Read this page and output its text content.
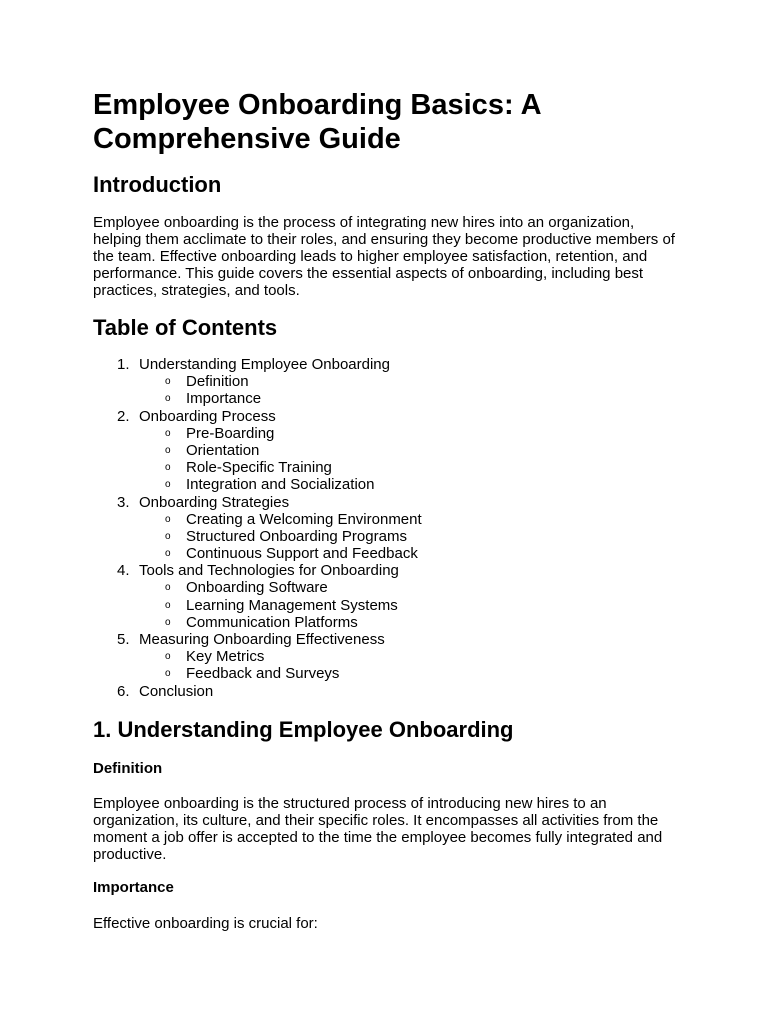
Employee Onboarding Basics: A Comprehensive Guide
Introduction

Employee onboarding is the process of integrating new hires into an organization, helping them acclimate to their roles, and ensuring they become productive members of the team. Effective onboarding leads to higher employee satisfaction, retention, and performance. This guide covers the essential aspects of onboarding, including best practices, strategies, and tools.

Table of Contents
1. Understanding Employee Onboarding
o Definition
o Importance
2. Onboarding Process
o Pre-Boarding
o Orientation
o Role-Specific Training
o Integration and Socialization
3. Onboarding Strategies
o Creating a Welcoming Environment
o Structured Onboarding Programs
o Continuous Support and Feedback
4. Tools and Technologies for Onboarding
o Onboarding Software
o Learning Management Systems
o Communication Platforms
5. Measuring Onboarding Effectiveness
o Key Metrics
o Feedback and Surveys
6. Conclusion
1. Understanding Employee Onboarding
Definition

Employee onboarding is the structured process of introducing new hires to an organization, its culture, and their specific roles. It encompasses all activities from the moment a job offer is accepted to the time the employee becomes fully integrated and productive.

Importance

Effective onboarding is crucial for:
